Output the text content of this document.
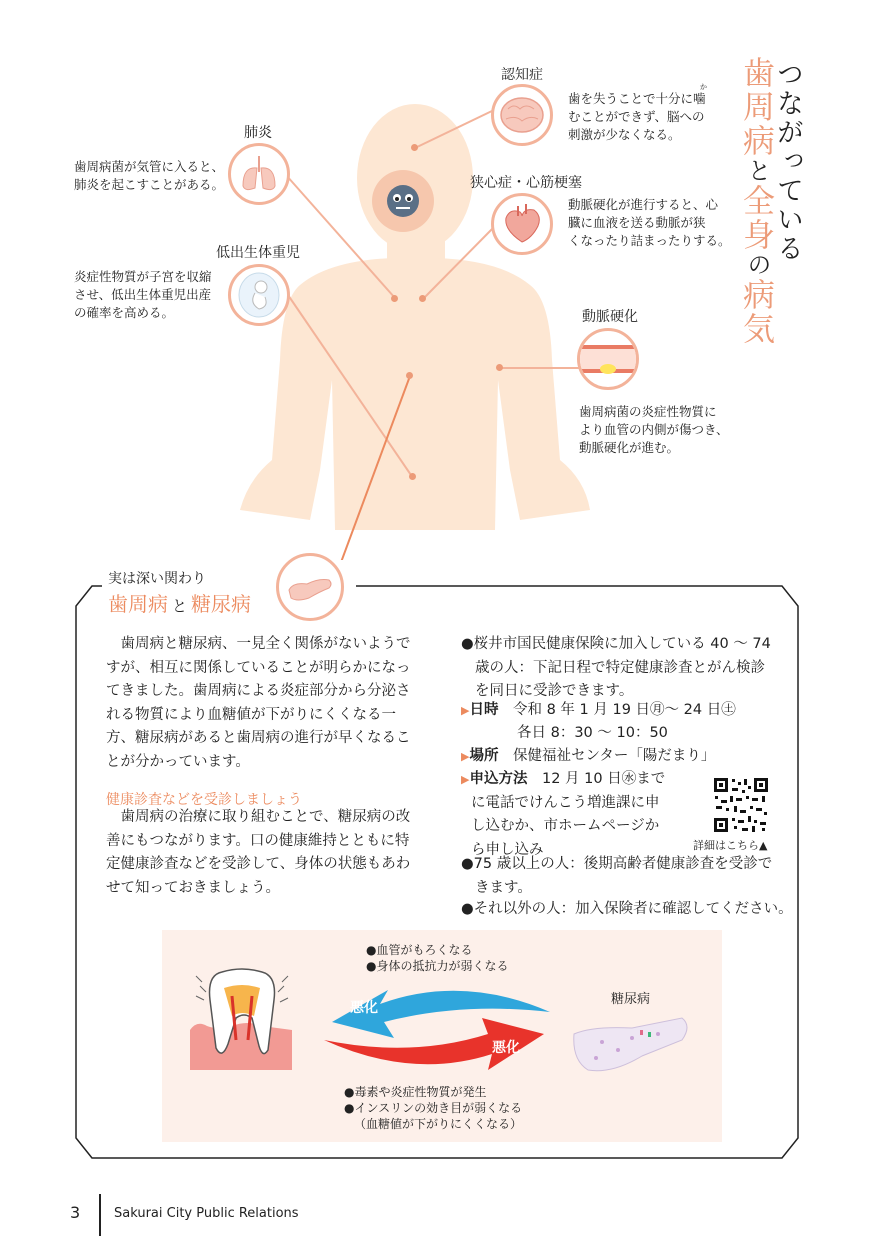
つながっている
歯周病と全身の病気
認知症
歯を失うことで十分に噛
むことができず、脳への
刺激が少なくなる。
か
肺炎
歯周病菌が気管に入ると、
肺炎を起こすことがある。	狭心症・心筋梗塞
動脈硬化が進行すると、心
臓に血液を送る動脈が狭
くなったり詰まったりする。
低出生体重児
炎症性物質が子宮を収縮
させ、低出生体重児出産
の確率を高める。	動脈硬化
歯周病菌の炎症性物質に
より血管の内側が傷つき、
動脈硬化が進む。
実は深い関わり
歯周病 と 糖尿病
歯周病と糖尿病、一見全く関係がないようで
すが、相互に関係していることが明らかになっ
てきました。歯周病による炎症部分から分泌さ
れる物質により血糖値が下がりにくくなる一
方、糖尿病があると歯周病の進行が早くなるこ
とが分かっています。
健康診査などを受診しましょう
歯周病の治療に取り組むことで、糖尿病の改
善にもつながります。口の健康維持とともに特
定健康診査などを受診して、身体の状態もあわ
せて知っておきましょう。
●桜井市国民健康保険に加入している 40 ～ 74
歳の人：下記日程で特定健康診査とがん検診
を同日に受診できます。
▶日時　 令和 8 年 1 月 19 日㊊～ 24 日㊏
各日 8：30 ～ 10：50
▶場所　 保健福祉センター「陽だまり」
▶申込方法　 12 月 10 日㊌まで
に電話でけんこう増進課に申
し込むか、市ホームページか
ら申し込み	詳細はこちら▲
●75 歳以上の人：後期高齢者健康診査を受診で
きます。
●それ以外の人：加入保険者に確認してください。
●血管がもろくなる
●身体の抵抗力が弱くなる
糖尿病
悪化
悪化
●毒素や炎症性物質が発生
●インスリンの効き目が弱くなる
（血糖値が下がりにくくなる）
3	Sakurai City Public Relations
